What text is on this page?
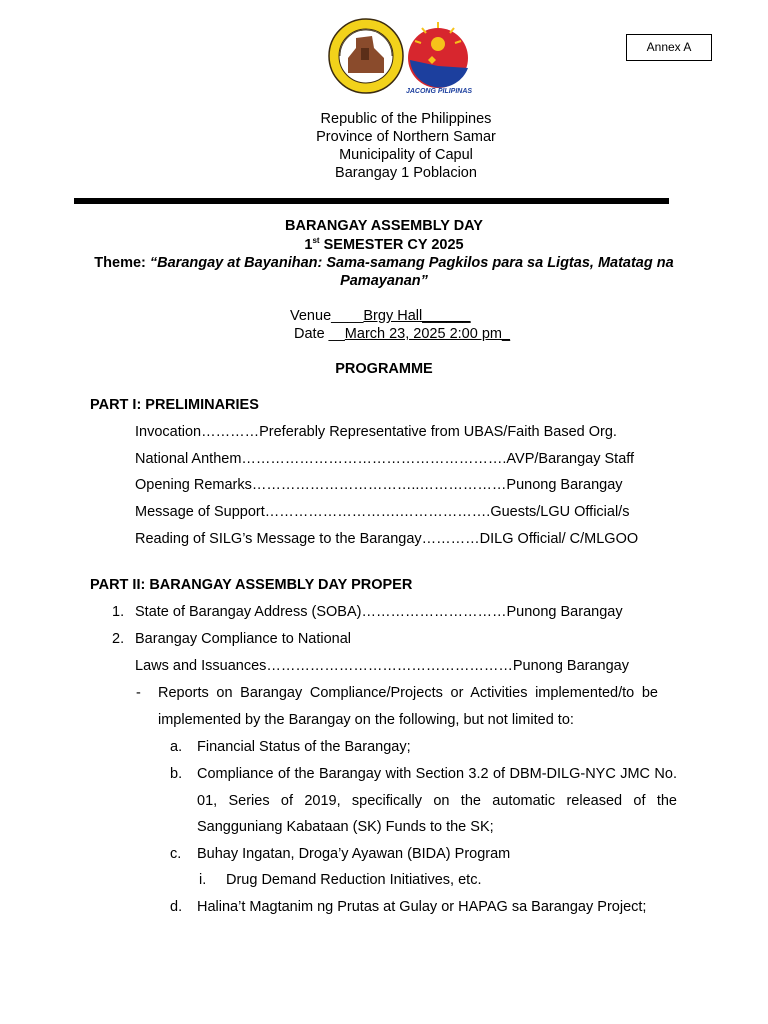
Annex A
JACONG PILIPINAS
Republic of the Philippines
Province of Northern Samar
Municipality of Capul
Barangay 1 Poblacion
BARANGAY ASSEMBLY DAY
1st SEMESTER CY 2025
Theme: “Barangay at Bayanihan: Sama-samang Pagkilos para sa Ligtas, Matatag na Pamayanan”
Venue____Brgy Hall______
Date __March 23, 2025 2:00 pm_
PROGRAMME
PART I: PRELIMINARIES
Invocation…………Preferably Representative from UBAS/Faith Based Org.
National Anthem……………………………………………….AVP/Barangay Staff
Opening Remarks……………………………..………………Punong Barangay
Message of Support……………………….……………….Guests/LGU Official/s
Reading of SILG’s Message to the Barangay…………DILG Official/ C/MLGOO
PART II: BARANGAY ASSEMBLY DAY PROPER
1. State of Barangay Address (SOBA)…………………………Punong Barangay
2. Barangay Compliance to National
Laws and Issuances……………………………………………Punong Barangay
- Reports on Barangay Compliance/Projects or Activities implemented/to be implemented by the Barangay on the following, but not limited to:
a. Financial Status of the Barangay;
b. Compliance of the Barangay with Section 3.2 of DBM-DILG-NYC JMC No. 01, Series of 2019, specifically on the automatic released of the Sangguniang Kabataan (SK) Funds to the SK;
c. Buhay Ingatan, Droga’y Ayawan (BIDA) Program
i. Drug Demand Reduction Initiatives, etc.
d. Halina’t Magtanim ng Prutas at Gulay or HAPAG sa Barangay Project;
